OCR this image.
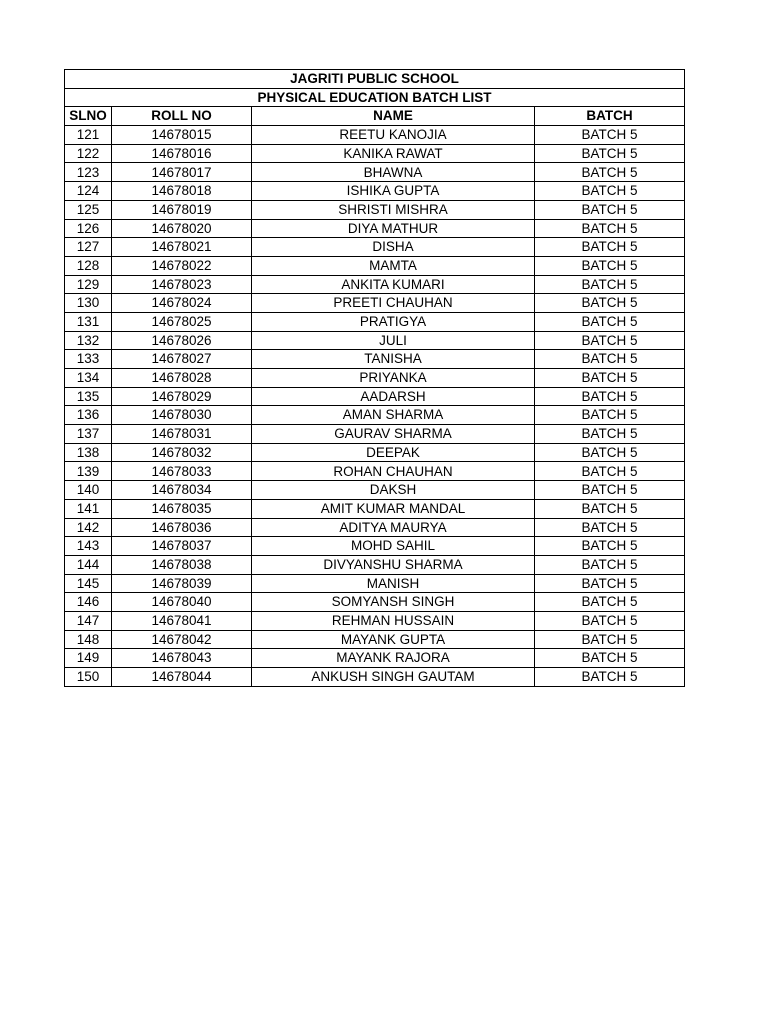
JAGRITI PUBLIC SCHOOL			
PHYSICAL EDUCATION BATCH LIST			
SLNO	ROLL NO	NAME	BATCH
121	14678015	REETU KANOJIA	BATCH 5
122	14678016	KANIKA RAWAT	BATCH 5
123	14678017	BHAWNA	BATCH 5
124	14678018	ISHIKA GUPTA	BATCH 5
125	14678019	SHRISTI MISHRA	BATCH 5
126	14678020	DIYA MATHUR	BATCH 5
127	14678021	DISHA	BATCH 5
128	14678022	MAMTA	BATCH 5
129	14678023	ANKITA KUMARI	BATCH 5
130	14678024	PREETI CHAUHAN	BATCH 5
131	14678025	PRATIGYA	BATCH 5
132	14678026	JULI	BATCH 5
133	14678027	TANISHA	BATCH 5
134	14678028	PRIYANKA	BATCH 5
135	14678029	AADARSH	BATCH 5
136	14678030	AMAN SHARMA	BATCH 5
137	14678031	GAURAV SHARMA	BATCH 5
138	14678032	DEEPAK	BATCH 5
139	14678033	ROHAN CHAUHAN	BATCH 5
140	14678034	DAKSH	BATCH 5
141	14678035	AMIT KUMAR MANDAL	BATCH 5
142	14678036	ADITYA MAURYA	BATCH 5
143	14678037	MOHD SAHIL	BATCH 5
144	14678038	DIVYANSHU SHARMA	BATCH 5
145	14678039	MANISH	BATCH 5
146	14678040	SOMYANSH SINGH	BATCH 5
147	14678041	REHMAN HUSSAIN	BATCH 5
148	14678042	MAYANK GUPTA	BATCH 5
149	14678043	MAYANK RAJORA	BATCH 5
150	14678044	ANKUSH SINGH GAUTAM	BATCH 5
